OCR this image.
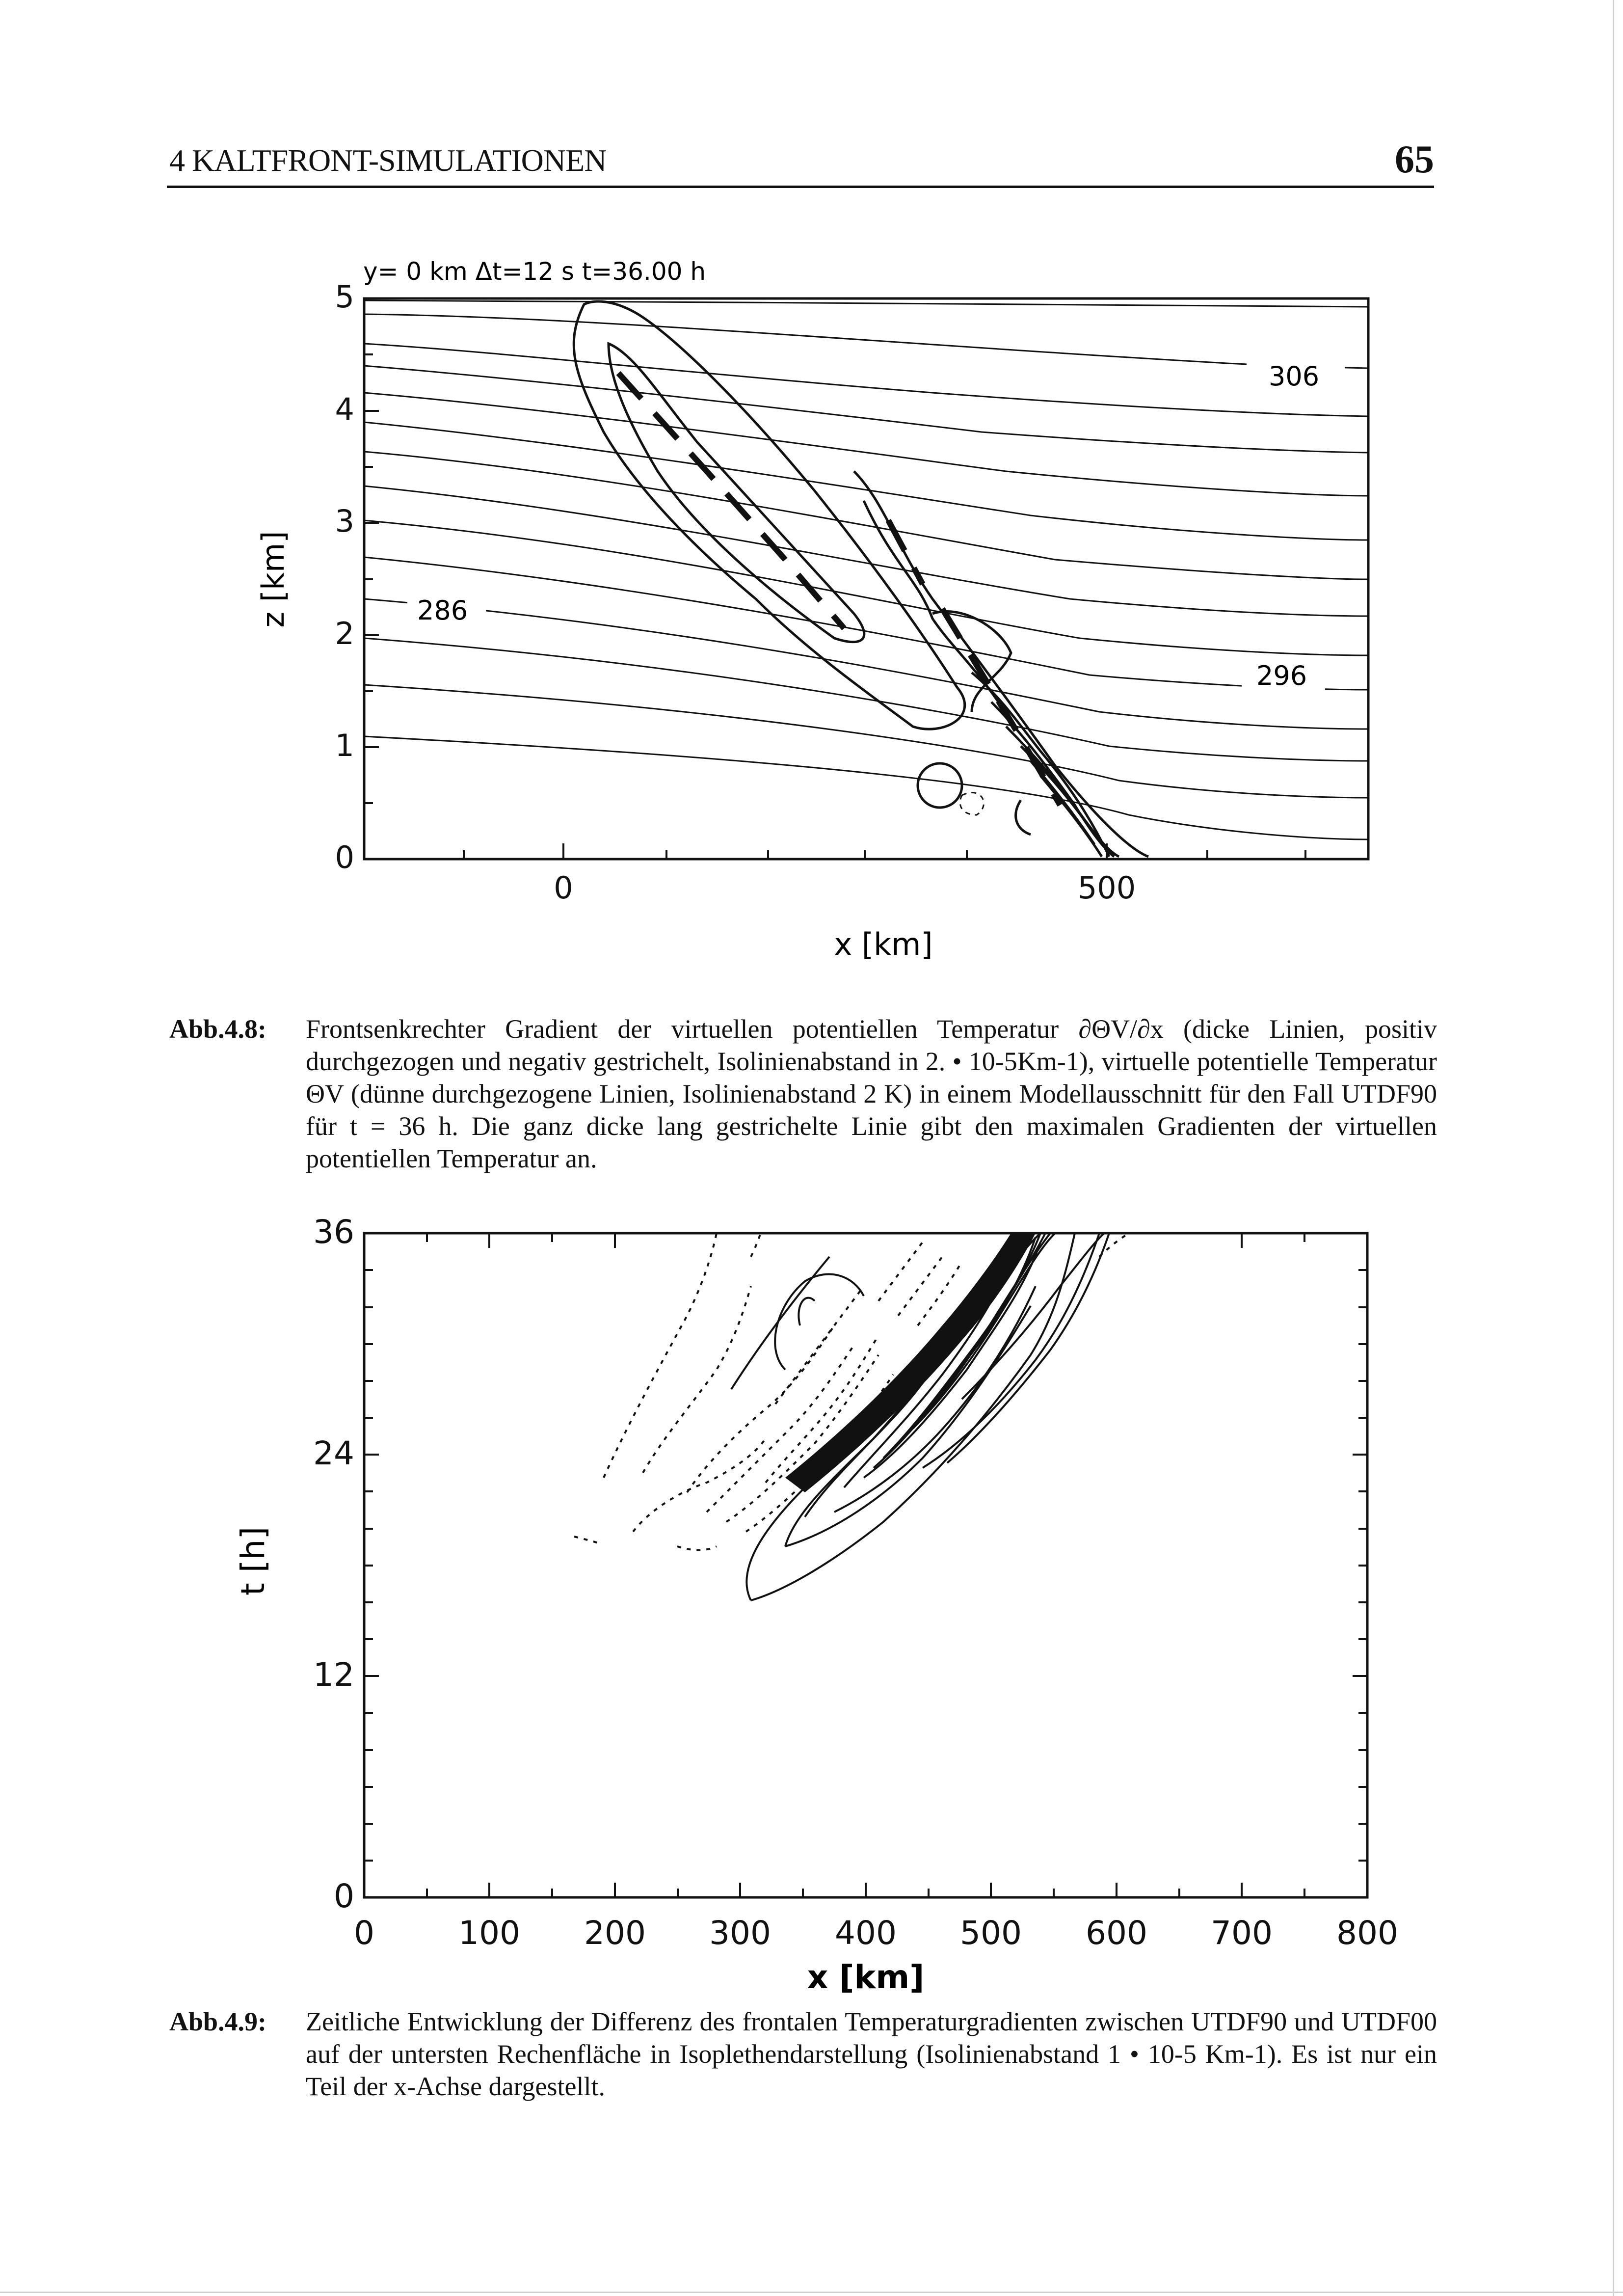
4 KALTFRONT-SIMULATIONEN	65
y= 0 km Δt=12 s t=36.00 h
0
1
2
3
4
5
0	500
x [km]
z [km]
306
286
296
Abb.4.8: Frontsenkrechter Gradient der virtuellen potentiellen Temperatur ∂ΘV/∂x (dicke Linien, positiv durchgezogen und negativ gestrichelt, Isolinienabstand in 2. • 10-5Km-1), virtuelle potentielle Temperatur ΘV (dünne durchgezogene Linien, Isolinienabstand 2 K) in einem Modellausschnitt für den Fall UTDF90 für t = 36 h. Die ganz dicke lang gestrichelte Linie gibt den maximalen Gradienten der virtuellen potentiellen Temperatur an.
0
12
24
36
0	100 200 300 400 500 600 700 800
x [km]
t [h]
Abb.4.9: Zeitliche Entwicklung der Differenz des frontalen Temperaturgradienten zwischen UTDF90 und UTDF00 auf der untersten Rechenfläche in Isoplethendarstellung (Isolinienabstand 1 • 10-5 Km-1). Es ist nur ein Teil der x-Achse dargestellt.
